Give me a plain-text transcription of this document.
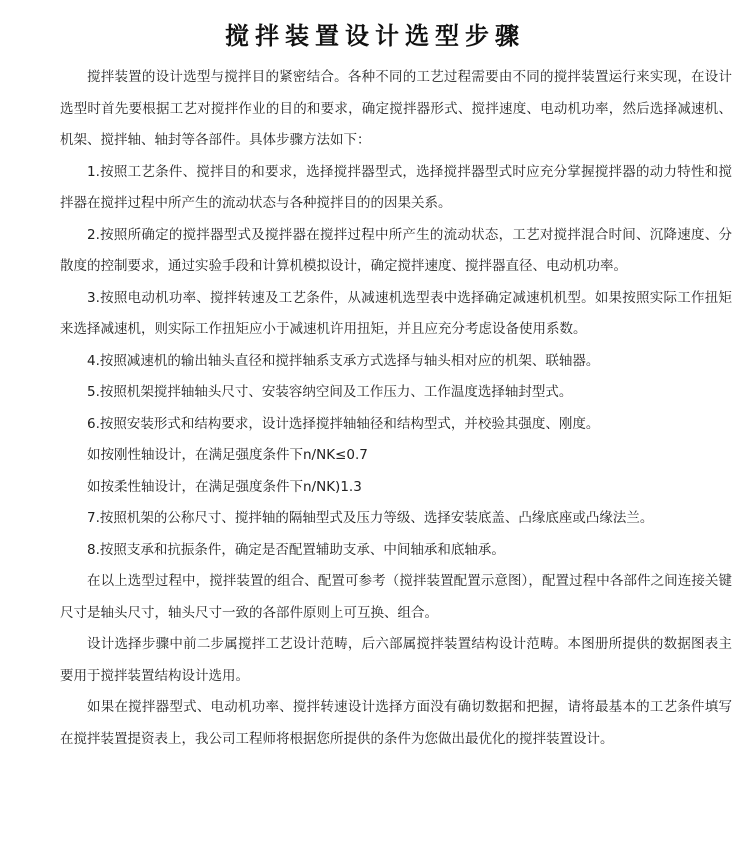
搅拌装置设计选型步骤

搅拌装置的设计选型与搅拌目的紧密结合。各种不同的工艺过程需要由不同的搅拌装置运行来实现，在设计选型时首先要根据工艺对搅拌作业的目的和要求，确定搅拌器形式、搅拌速度、电动机功率，然后选择减速机、机架、搅拌轴、轴封等各部件。具体步骤方法如下：

1.按照工艺条件、搅拌目的和要求，选择搅拌器型式，选择搅拌器型式时应充分掌握搅拌器的动力特性和搅拌器在搅拌过程中所产生的流动状态与各种搅拌目的的因果关系。

2.按照所确定的搅拌器型式及搅拌器在搅拌过程中所产生的流动状态，工艺对搅拌混合时间、沉降速度、分散度的控制要求，通过实验手段和计算机模拟设计，确定搅拌速度、搅拌器直径、电动机功率。

3.按照电动机功率、搅拌转速及工艺条件，从减速机选型表中选择确定减速机机型。如果按照实际工作扭矩来选择减速机，则实际工作扭矩应小于减速机许用扭矩，并且应充分考虑设备使用系数。

4.按照减速机的输出轴头直径和搅拌轴系支承方式选择与轴头相对应的机架、联轴器。

5.按照机架搅拌轴轴头尺寸、安装容纳空间及工作压力、工作温度选择轴封型式。

6.按照安装形式和结构要求，设计选择搅拌轴轴径和结构型式，并校验其强度、刚度。

如按刚性轴设计，在满足强度条件下n/NK≤0.7

如按柔性轴设计，在满足强度条件下n/NK)1.3

7.按照机架的公称尺寸、搅拌轴的隔轴型式及压力等级、选择安装底盖、凸缘底座或凸缘法兰。

8.按照支承和抗振条件，确定是否配置辅助支承、中间轴承和底轴承。

在以上选型过程中，搅拌装置的组合、配置可参考（搅拌装置配置示意图），配置过程中各部件之间连接关键尺寸是轴头尺寸，轴头尺寸一致的各部件原则上可互换、组合。

设计选择步骤中前二步属搅拌工艺设计范畴，后六部属搅拌装置结构设计范畴。本图册所提供的数据图表主要用于搅拌装置结构设计选用。

如果在搅拌器型式、电动机功率、搅拌转速设计选择方面没有确切数据和把握，请将最基本的工艺条件填写在搅拌装置提资表上，我公司工程师将根据您所提供的条件为您做出最优化的搅拌装置设计。
